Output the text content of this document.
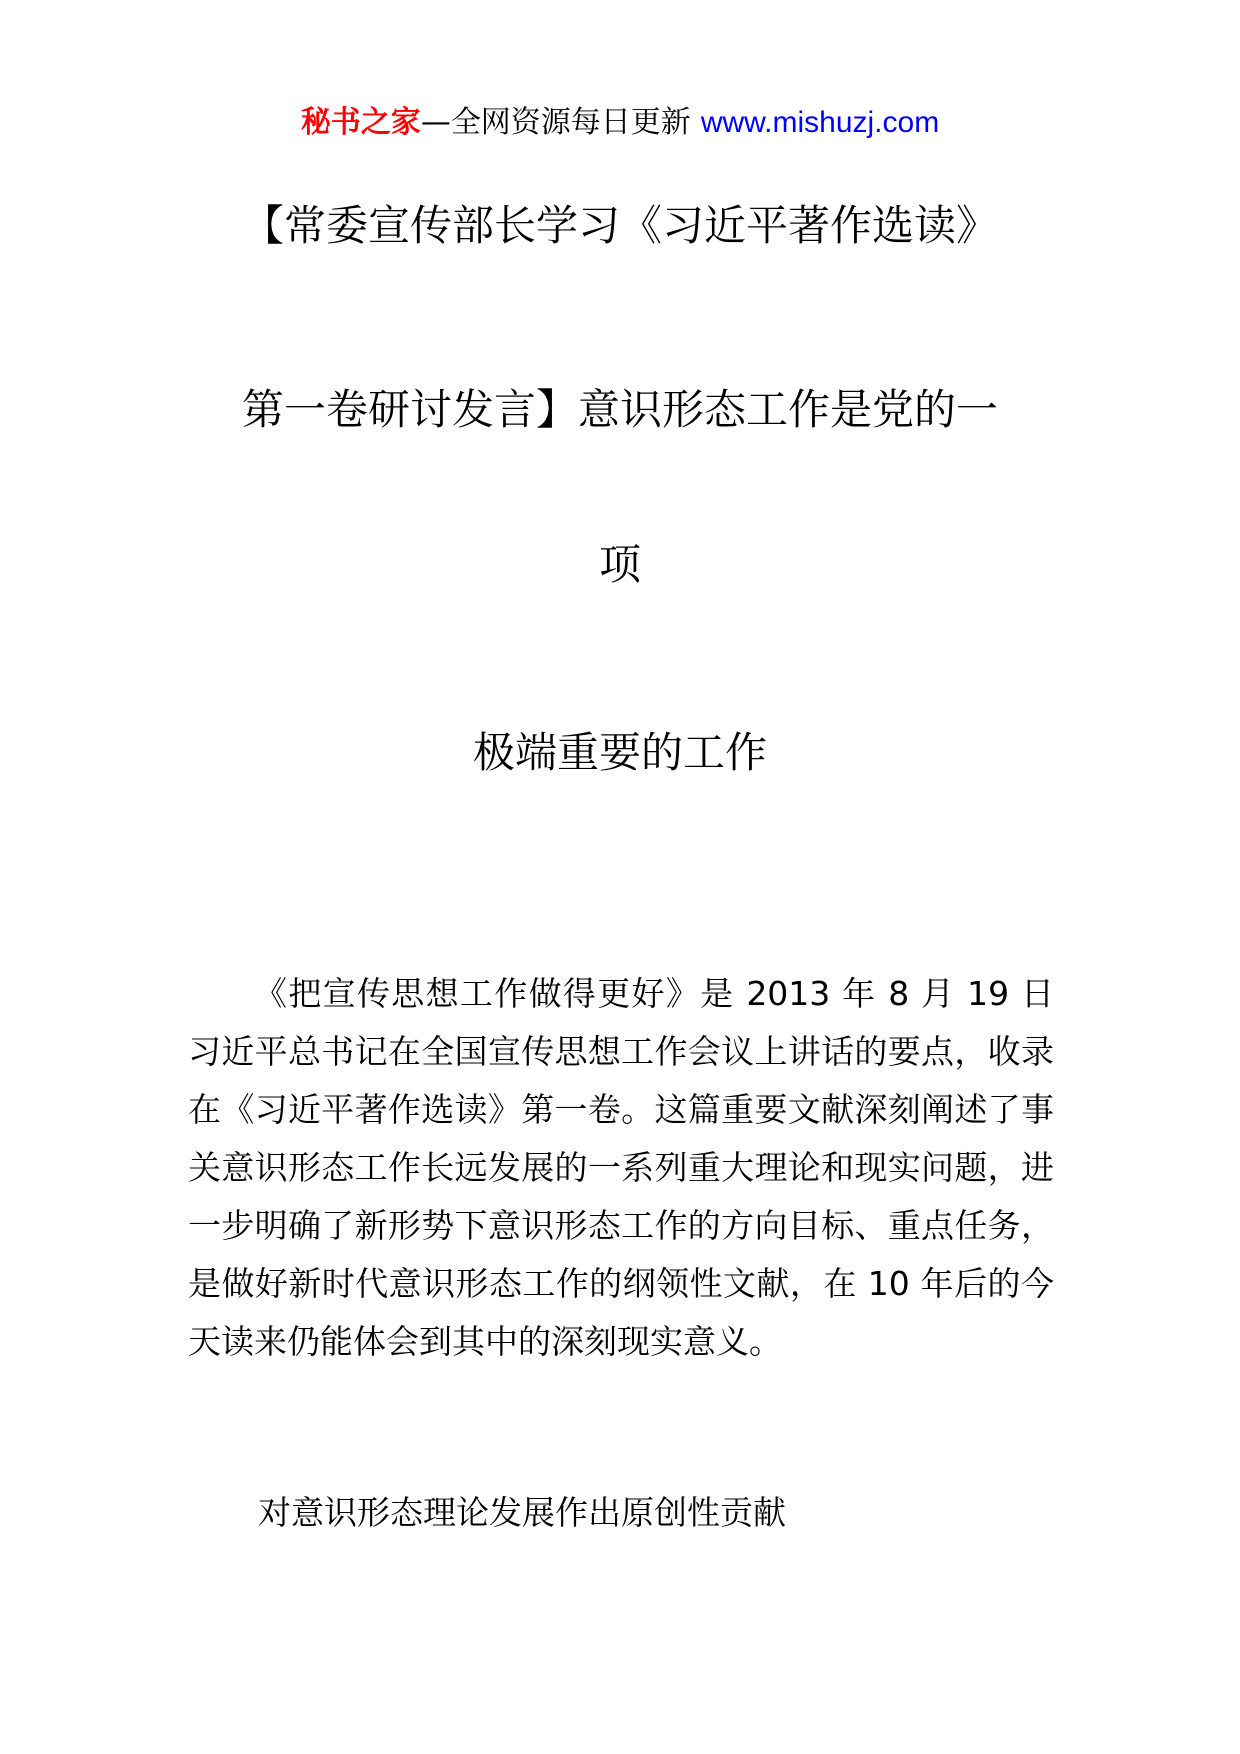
秘书之家—全网资源每日更新 www.mishuzj.com
【常委宣传部长学习《习近平著作选读》
第一卷研讨发言】意识形态工作是党的一
项
极端重要的工作
《把宣传思想工作做得更好》是 2013 年 8 月 19 日习近平总书记在全国宣传思想工作会议上讲话的要点，收录在《习近平著作选读》第一卷。这篇重要文献深刻阐述了事关意识形态工作长远发展的一系列重大理论和现实问题，进一步明确了新形势下意识形态工作的方向目标、重点任务，是做好新时代意识形态工作的纲领性文献，在 10 年后的今天读来仍能体会到其中的深刻现实意义。
对意识形态理论发展作出原创性贡献
